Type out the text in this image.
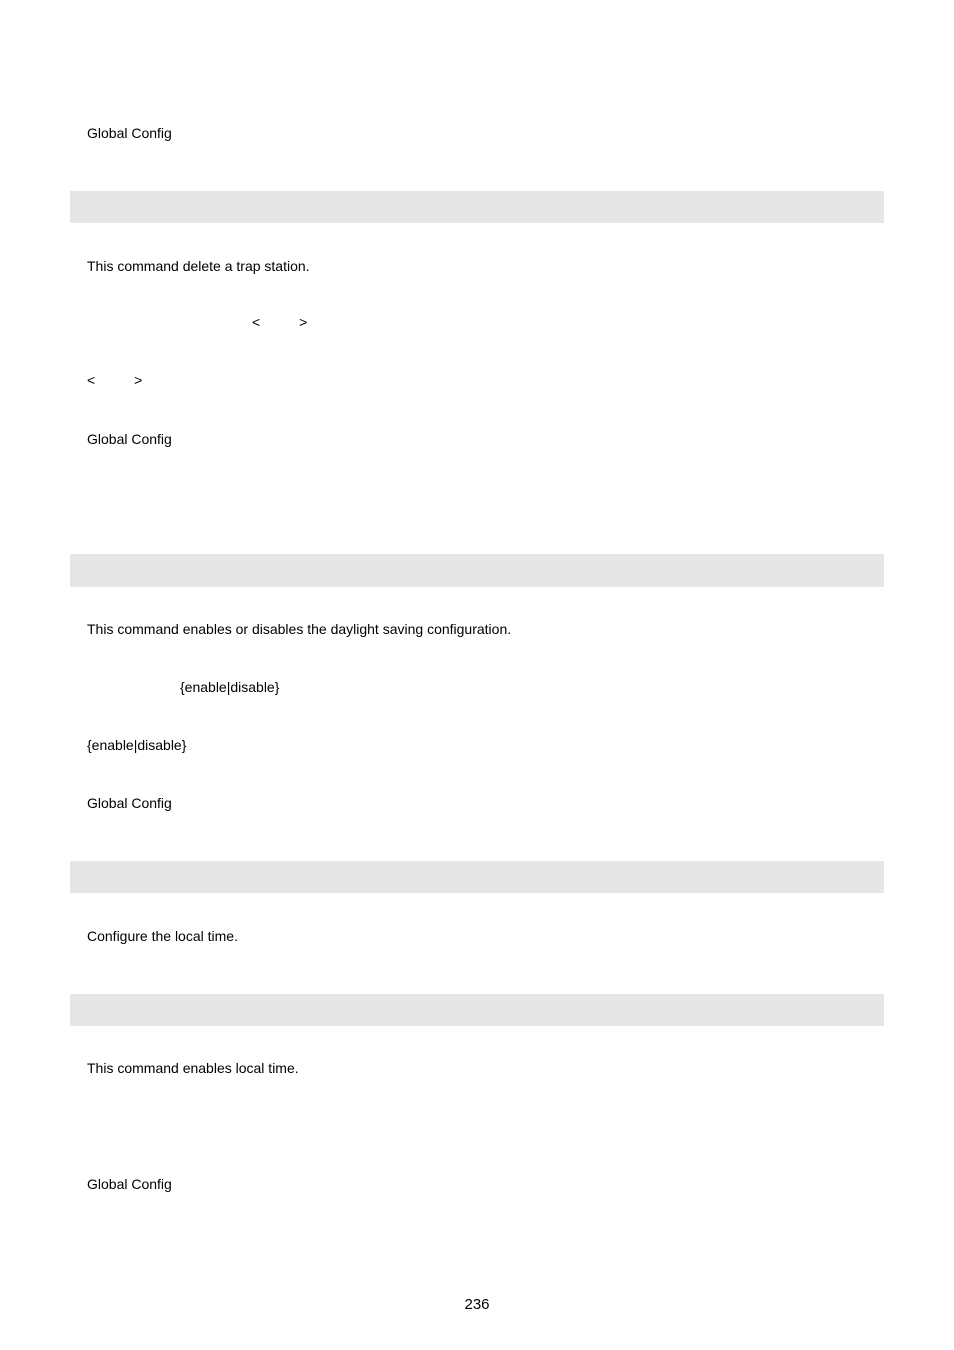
Global Config
This command delete a trap station.
<          >
<          >
Global Config
This command enables or disables the daylight saving configuration.
{enable|disable}
{enable|disable}
Global Config
Configure the local time.
This command enables local time.
Global Config
236
